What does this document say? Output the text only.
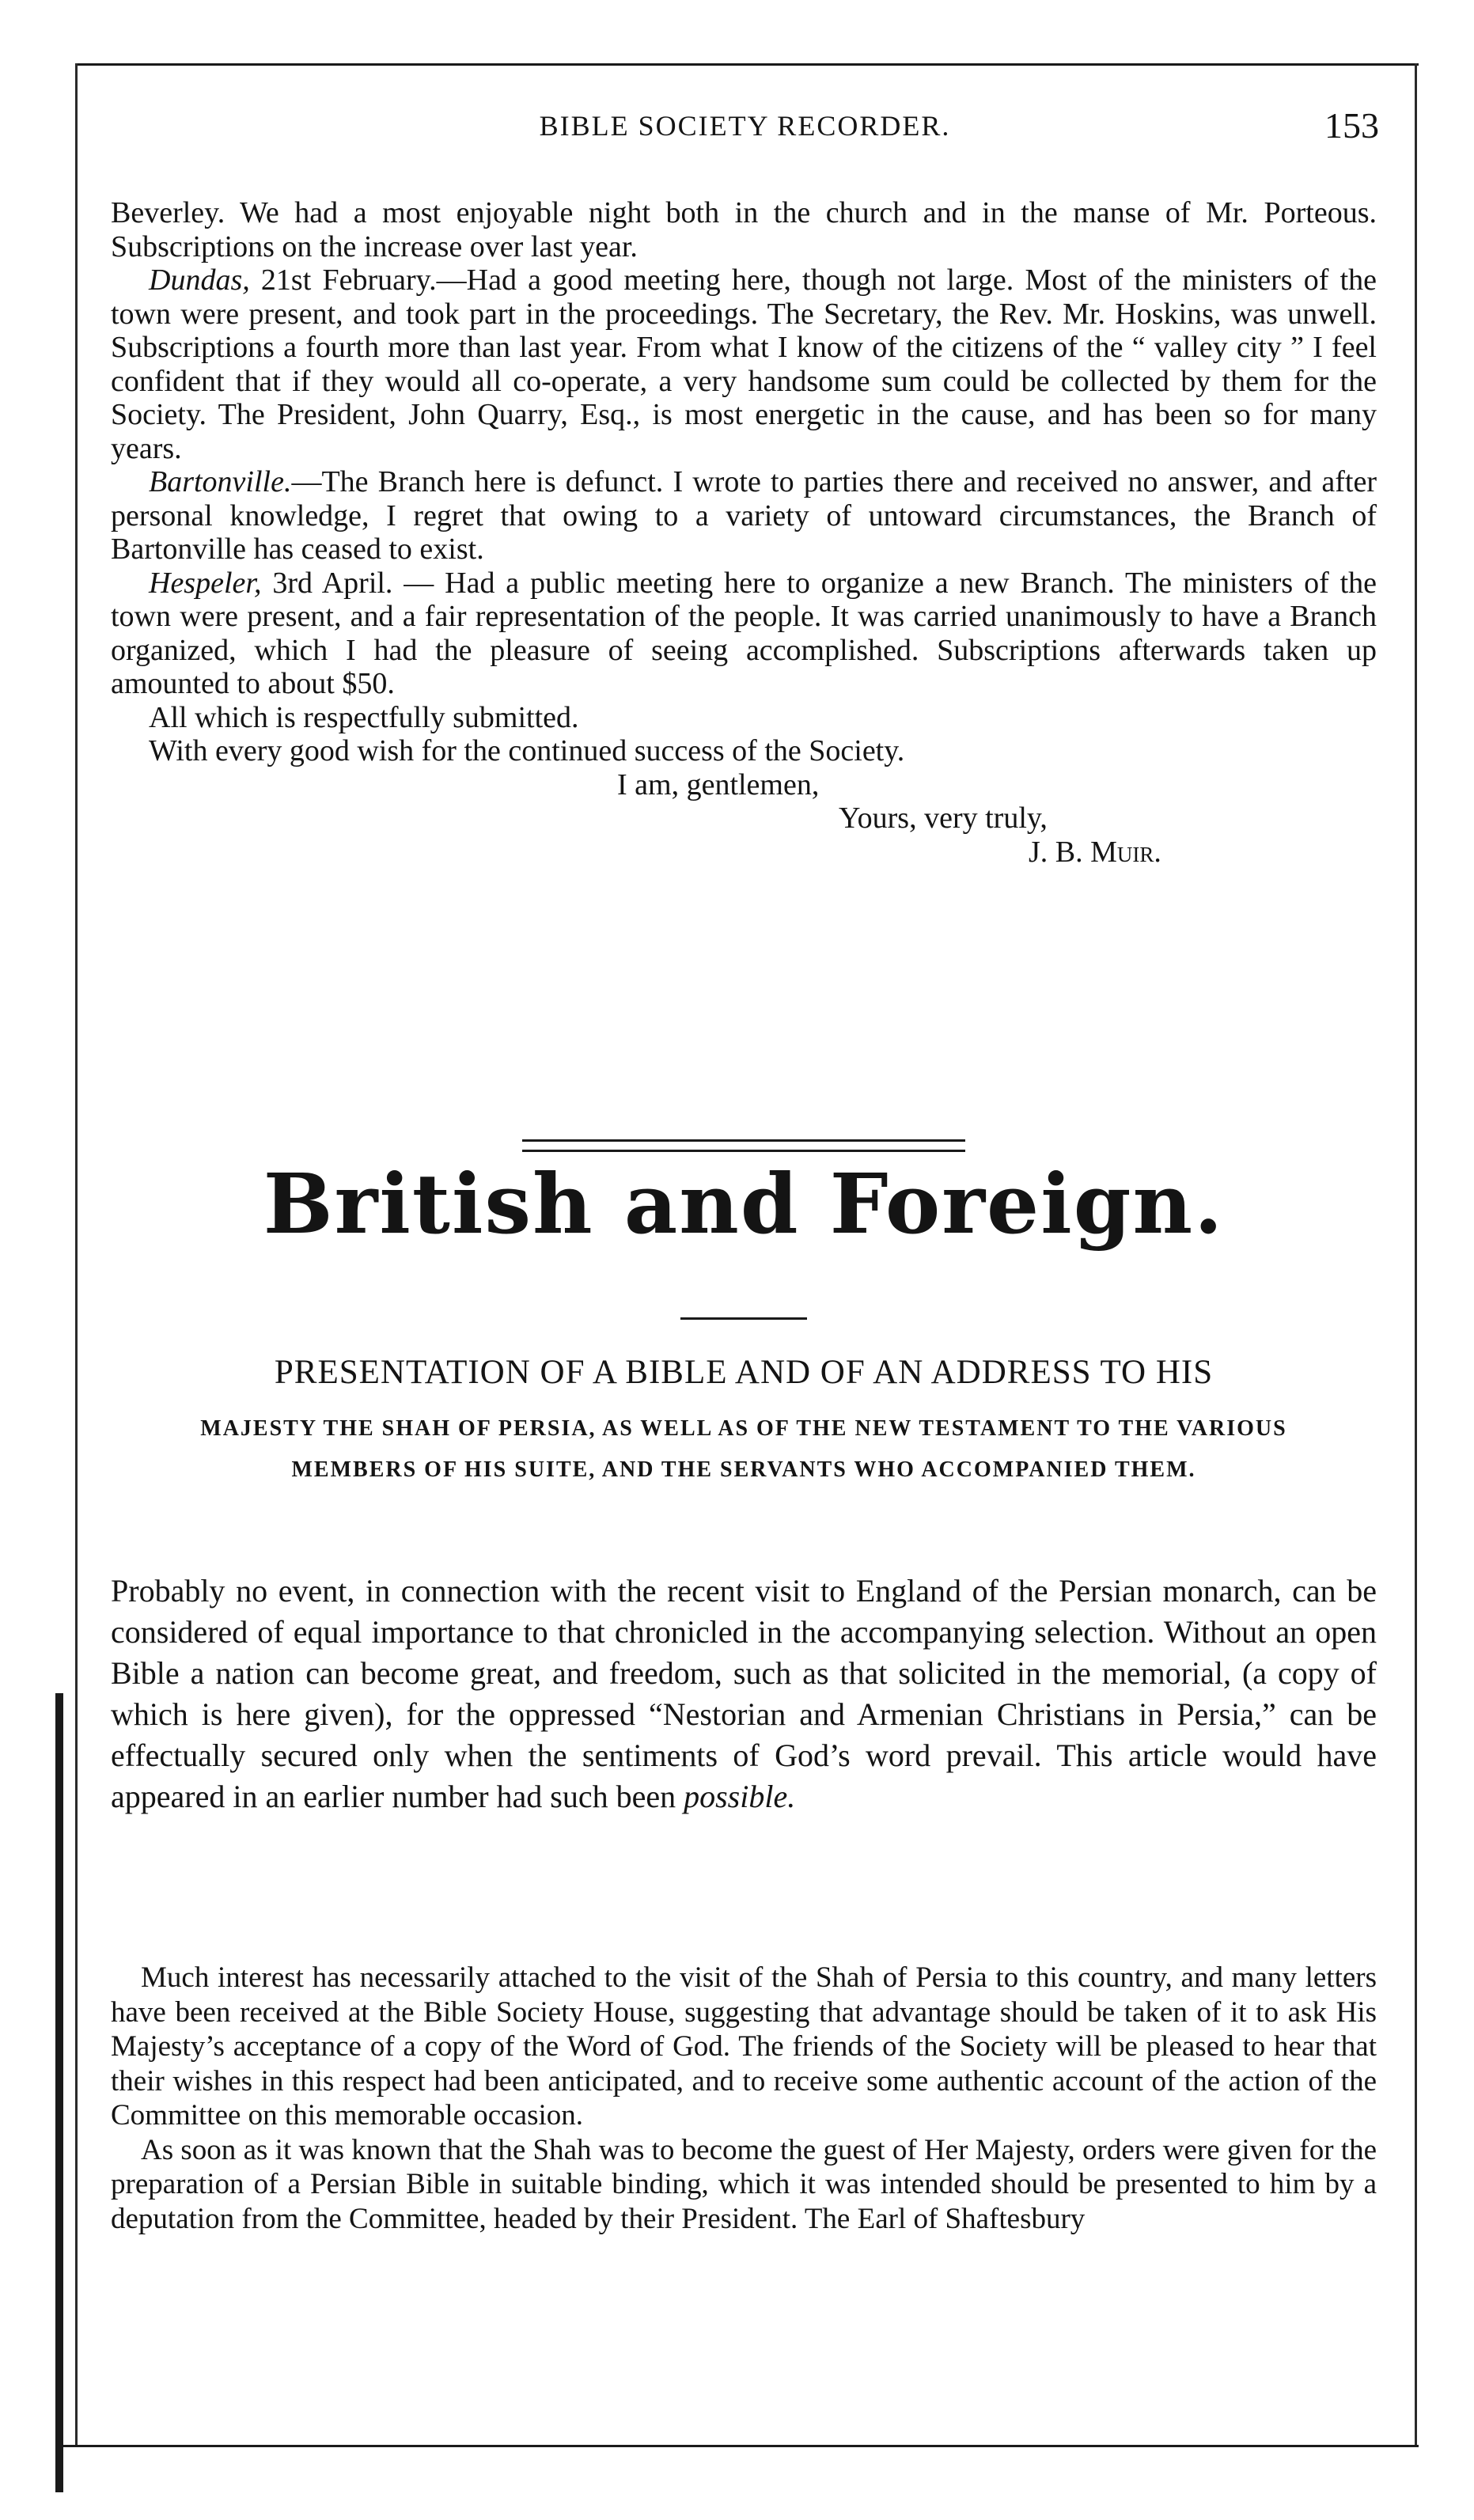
BIBLE SOCIETY RECORDER.	153

Beverley. We had a most enjoyable night both in the church and in the manse of Mr. Porteous. Subscriptions on the increase over last year.

Dundas, 21st February.—Had a good meeting here, though not large. Most of the ministers of the town were present, and took part in the proceedings. The Secretary, the Rev. Mr. Hoskins, was unwell. Subscriptions a fourth more than last year. From what I know of the citizens of the “ valley city ” I feel confident that if they would all co-operate, a very handsome sum could be collected by them for the Society. The President, John Quarry, Esq., is most energetic in the cause, and has been so for many years.

Bartonville.—The Branch here is defunct. I wrote to parties there and received no answer, and after personal knowledge, I regret that owing to a variety of untoward circumstances, the Branch of Bartonville has ceased to exist.

Hespeler, 3rd April. — Had a public meeting here to organize a new Branch. The ministers of the town were present, and a fair representation of the people. It was carried unanimously to have a Branch organized, which I had the pleasure of seeing accomplished. Subscriptions afterwards taken up amounted to about $50.

All which is respectfully submitted.

With every good wish for the continued success of the Society.

I am, gentlemen,
Yours, very truly,
J. B. Muir.
British and Foreign.
PRESENTATION OF A BIBLE AND OF AN ADDRESS TO HIS
MAJESTY THE SHAH OF PERSIA, AS WELL AS OF THE NEW TESTAMENT TO THE VARIOUS MEMBERS OF HIS SUITE, AND THE SERVANTS WHO ACCOMPANIED THEM.
Probably no event, in connection with the recent visit to England of the Persian monarch, can be considered of equal importance to that chronicled in the accompanying selection. Without an open Bible a nation can become great, and freedom, such as that solicited in the memorial, (a copy of which is here given), for the oppressed “Nestorian and Armenian Christians in Persia,” can be effectually secured only when the sentiments of God’s word prevail. This article would have appeared in an earlier number had such been possible.

Much interest has necessarily attached to the visit of the Shah of Persia to this country, and many letters have been received at the Bible Society House, suggesting that advantage should be taken of it to ask His Majesty’s acceptance of a copy of the Word of God. The friends of the Society will be pleased to hear that their wishes in this respect had been anticipated, and to receive some authentic account of the action of the Committee on this memorable occasion.

As soon as it was known that the Shah was to become the guest of Her Majesty, orders were given for the preparation of a Persian Bible in suitable binding, which it was intended should be presented to him by a deputation from the Committee, headed by their President. The Earl of Shaftesbury
